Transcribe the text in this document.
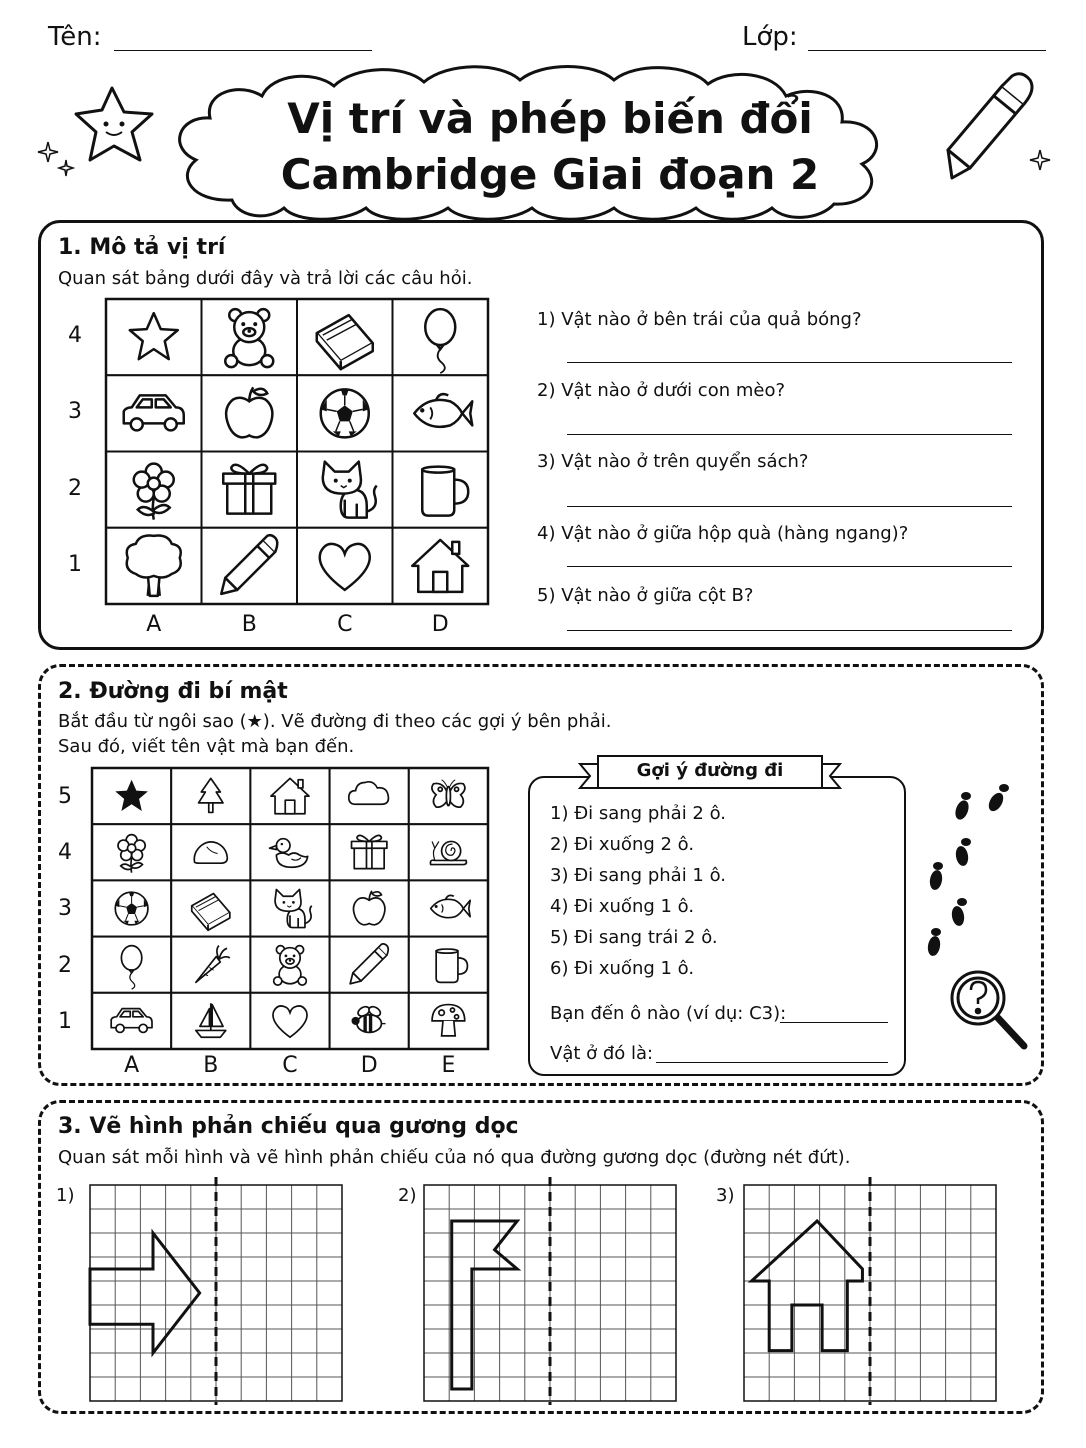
Tên:	Lớp:
Vị trí và phép biến đổi
Cambridge Giai đoạn 2
1. Mô tả vị trí
Quan sát bảng dưới đây và trả lời các câu hỏi.
2. Đường đi bí mật
Bắt đầu từ ngôi sao (★). Vẽ đường đi theo các gợi ý bên phải.
Sau đó, viết tên vật mà bạn đến.
Gợi ý đường đi
Bạn đến ô nào (ví dụ: C3):
Vật ở đó là:
3. Vẽ hình phản chiếu qua gương dọc
Quan sát mỗi hình và vẽ hình phản chiếu của nó qua đường gương dọc (đường nét đứt).
1)	2)	3)
4
3
2
1
A	B	C	D
1) Vật nào ở bên trái của quả bóng?
2) Vật nào ở dưới con mèo?
3) Vật nào ở trên quyển sách?
4) Vật nào ở giữa hộp quà (hàng ngang)?
5) Vật nào ở giữa cột B?
5
4
3
2
1
A	B	C	D	E
1) Đi sang phải 2 ô.
2) Đi xuống 2 ô.
3) Đi sang phải 1 ô.
4) Đi xuống 1 ô.
5) Đi sang trái 2 ô.
6) Đi xuống 1 ô.
